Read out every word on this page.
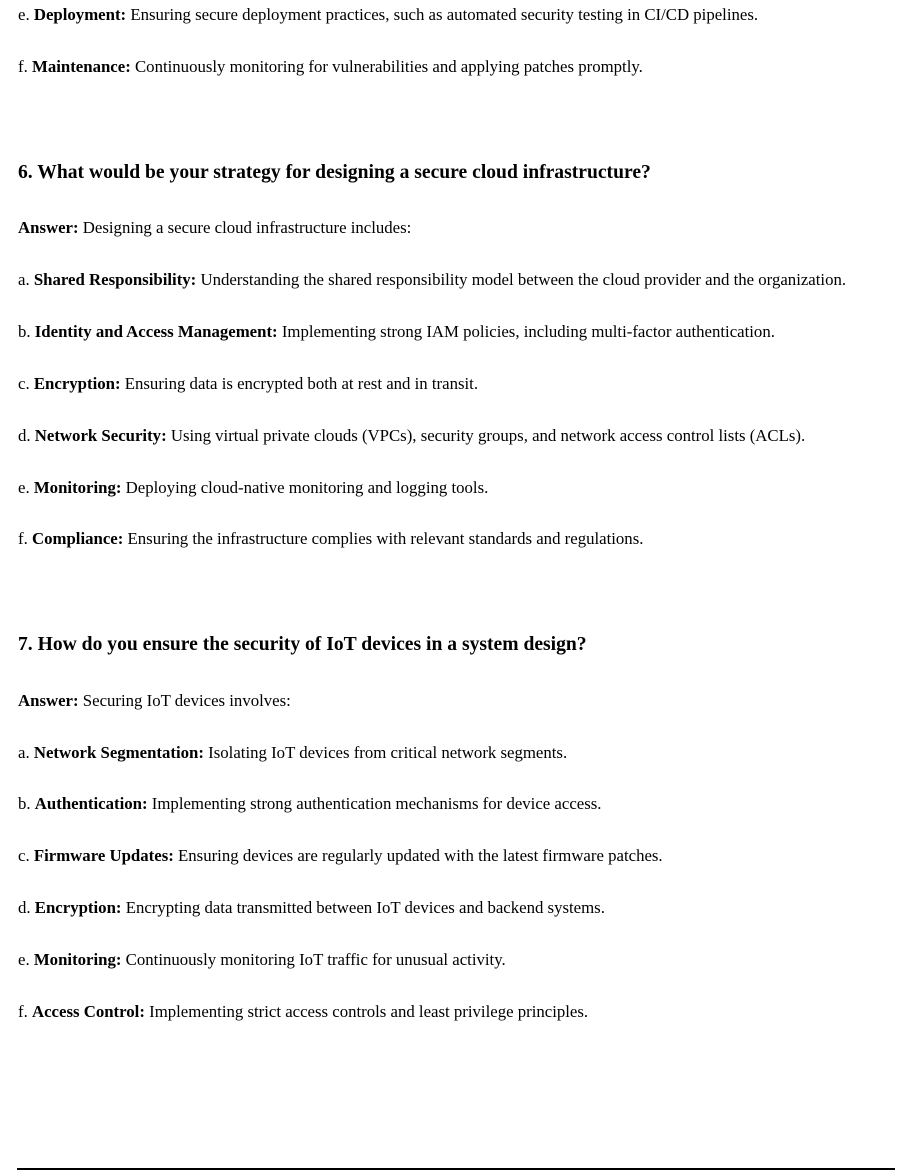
e. Deployment: Ensuring secure deployment practices, such as automated security testing in CI/CD pipelines.

f. Maintenance: Continuously monitoring for vulnerabilities and applying patches promptly.

6. What would be your strategy for designing a secure cloud infrastructure?

Answer: Designing a secure cloud infrastructure includes:

a. Shared Responsibility: Understanding the shared responsibility model between the cloud provider and the organization.

b. Identity and Access Management: Implementing strong IAM policies, including multi-factor authentication.

c. Encryption: Ensuring data is encrypted both at rest and in transit.

d. Network Security: Using virtual private clouds (VPCs), security groups, and network access control lists (ACLs).

e. Monitoring: Deploying cloud-native monitoring and logging tools.

f. Compliance: Ensuring the infrastructure complies with relevant standards and regulations.

7. How do you ensure the security of IoT devices in a system design?

Answer: Securing IoT devices involves:

a. Network Segmentation: Isolating IoT devices from critical network segments.

b. Authentication: Implementing strong authentication mechanisms for device access.

c. Firmware Updates: Ensuring devices are regularly updated with the latest firmware patches.

d. Encryption: Encrypting data transmitted between IoT devices and backend systems.

e. Monitoring: Continuously monitoring IoT traffic for unusual activity.

f. Access Control: Implementing strict access controls and least privilege principles.
